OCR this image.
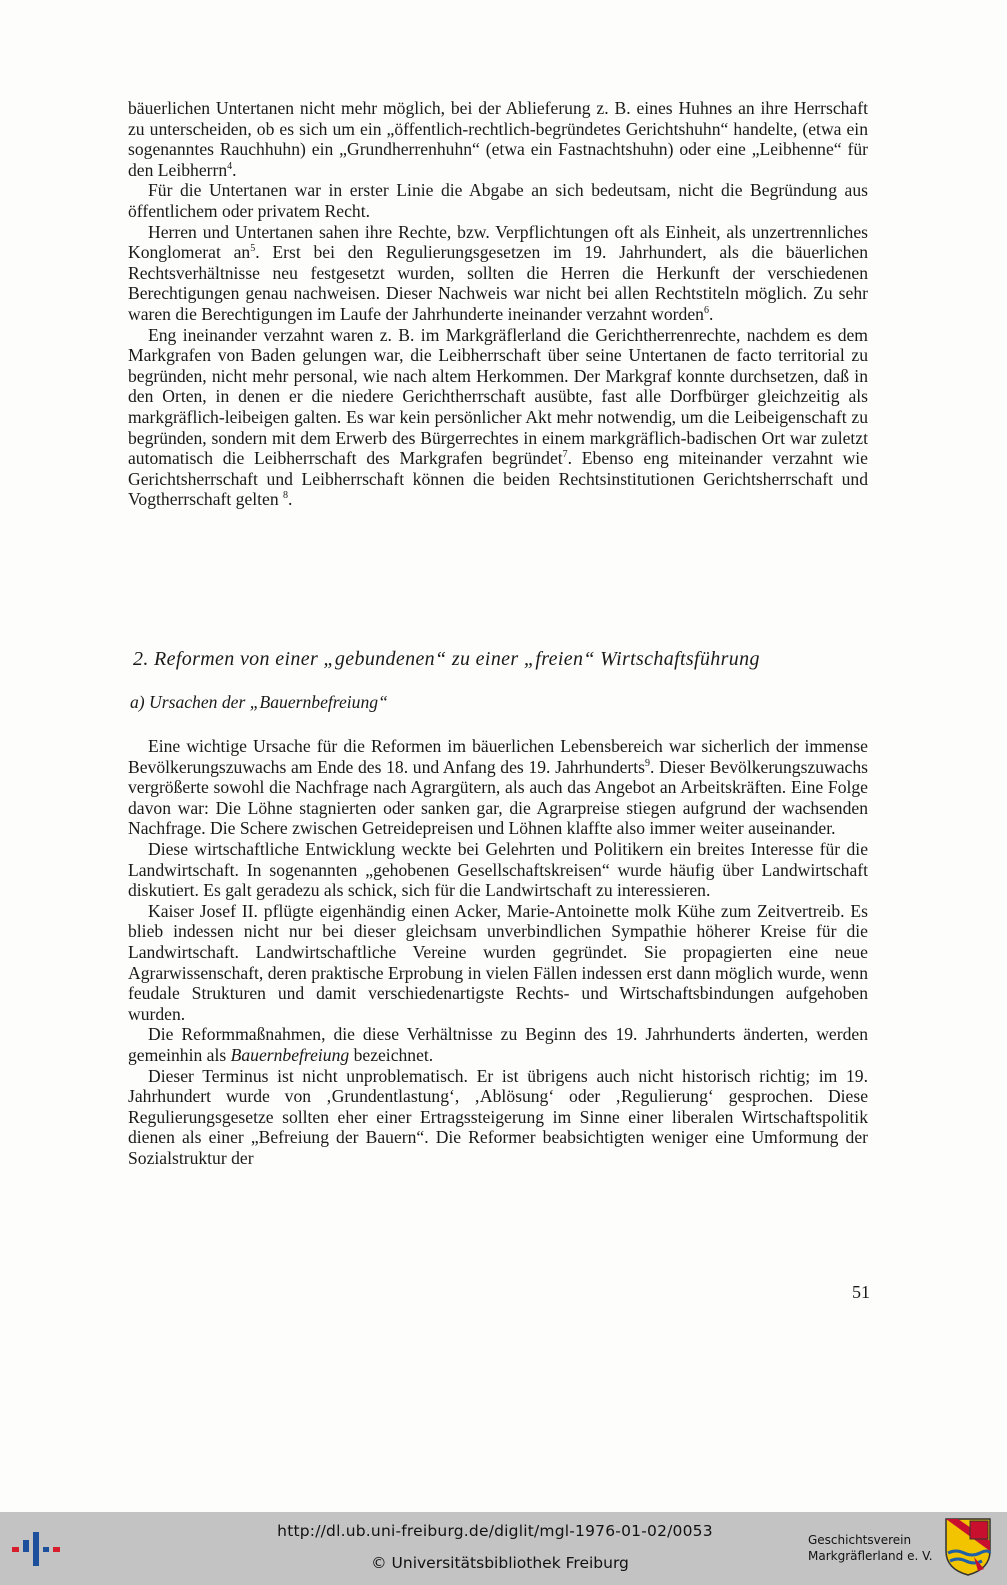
bäuerlichen Untertanen nicht mehr möglich, bei der Ablieferung z. B. eines Huhnes an ihre Herrschaft zu unterscheiden, ob es sich um ein „öffentlich-rechtlich-begründetes Gerichtshuhn“ handelte, (etwa ein sogenanntes Rauchhuhn) ein „Grundherrenhuhn“ (etwa ein Fastnachtshuhn) oder eine „Leibhenne“ für den Leibherrn$^4$.

Für die Untertanen war in erster Linie die Abgabe an sich bedeutsam, nicht die Begründung aus öffentlichem oder privatem Recht.

Herren und Untertanen sahen ihre Rechte, bzw. Verpflichtungen oft als Einheit, als unzertrennliches Konglomerat $an^5$. Erst bei den Regulierungsgesetzen im 19. Jahrhundert, als die bäuerlichen Rechtsverhältnisse neu festgesetzt wurden, sollten die Herren die Herkunft der verschiedenen Berechtigungen genau nachweisen. Dieser Nachweis war nicht bei allen Rechtstiteln möglich. Zu sehr waren die Berechtigungen im Laufe der Jahrhunderte ineinander verzahnt worden$^6$.

Eng ineinander verzahnt waren z. B. im Markgräflerland die Gerichtherrenrechte, nachdem es dem Markgrafen von Baden gelungen war, die Leibherrschaft über seine Untertanen de facto territorial zu begründen, nicht mehr personal, wie nach altem Herkommen. Der Markgraf konnte durchsetzen, daß in den Orten, in denen er die niedere Gerichtherrschaft ausübte, fast alle Dorfbürger gleichzeitig als markgräflich-leibeigen galten. Es war kein persönlicher Akt mehr notwendig, um die Leibeigenschaft zu begründen, sondern mit dem Erwerb des Bürgerrechtes in einem markgräflich-badischen Ort war zuletzt automatisch die Leibherrschaft des Markgrafen begründet$^7$. Ebenso eng miteinander verzahnt wie Gerichtsherrschaft und Leibherrschaft können die beiden Rechtsinstitutionen Gerichtsherrschaft und Vogtherrschaft gelten $^8$.

2. Reformen von einer „gebundenen“ zu einer „freien“ Wirtschaftsführung
a) Ursachen der „Bauernbefreiung“

Eine wichtige Ursache für die Reformen im bäuerlichen Lebensbereich war sicherlich der immense Bevölkerungszuwachs am Ende des 18. und Anfang des 19. Jahrhunderts$^9$. Dieser Bevölkerungszuwachs vergrößerte sowohl die Nachfrage nach Agrargütern, als auch das Angebot an Arbeitskräften. Eine Folge davon war: Die Löhne stagnierten oder sanken gar, die Agrarpreise stiegen aufgrund der wachsenden Nachfrage. Die Schere zwischen Getreidepreisen und Löhnen klaffte also immer weiter auseinander.

Diese wirtschaftliche Entwicklung weckte bei Gelehrten und Politikern ein breites Interesse für die Landwirtschaft. In sogenannten „gehobenen Gesellschaftskreisen“ wurde häufig über Landwirtschaft diskutiert. Es galt geradezu als schick, sich für die Landwirtschaft zu interessieren.

Kaiser Josef II. pflügte eigenhändig einen Acker, Marie-Antoinette molk Kühe zum Zeitvertreib. Es blieb indessen nicht nur bei dieser gleichsam unverbindlichen Sympathie höherer Kreise für die Landwirtschaft. Landwirtschaftliche Vereine wurden gegründet. Sie propagierten eine neue Agrarwissenschaft, deren praktische Erprobung in vielen Fällen indessen erst dann möglich wurde, wenn feudale Strukturen und damit verschiedenartigste Rechts- und Wirtschaftsbindungen aufgehoben wurden.

Die Reformmaßnahmen, die diese Verhältnisse zu Beginn des 19. Jahrhunderts änderten, werden gemeinhin als Bauernbefreiung bezeichnet.

Dieser Terminus ist nicht unproblematisch. Er ist übrigens auch nicht historisch richtig; im 19. Jahrhundert wurde von ‚Grundentlastung‘, ‚Ablösung‘ oder ‚Regulierung‘ gesprochen. Diese Regulierungsgesetze sollten eher einer Ertragssteigerung im Sinne einer liberalen Wirtschaftspolitik dienen als einer „Befreiung der Bauern“. Die Reformer beabsichtigten weniger eine Umformung der Sozialstruktur der

51
http://dl.ub.uni-freiburg.de/diglit/mgl-1976-01-02/0053
© Universitätsbibliothek Freiburg
Geschichtsverein
Markgräflerland e. V.
